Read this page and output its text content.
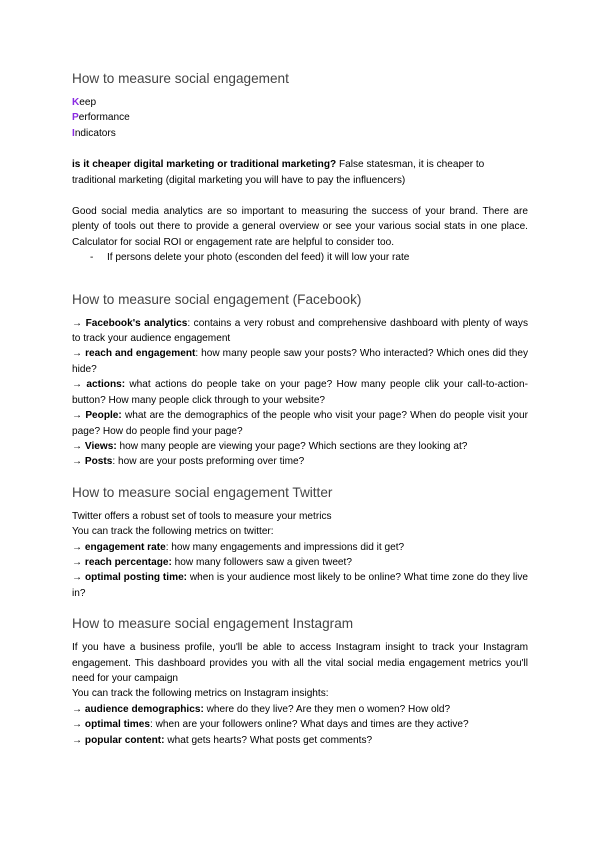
How to measure social engagement

Keep

Performance

Indicators

is it cheaper digital marketing or traditional marketing? False statesman, it is cheaper to traditional marketing (digital marketing you will have to pay the influencers)

Good social media analytics are so important to measuring the success of your brand. There are plenty of tools out there to provide a general overview or see your various social stats in one place. Calculator for social ROI or engagement rate are helpful to consider too.

-	If persons delete your photo (esconden del feed) it will low your rate
How to measure social engagement (Facebook)

→ Facebook's analytics: contains a very robust and comprehensive dashboard with plenty of ways to track your audience engagement

→ reach and engagement: how many people saw your posts? Who interacted? Which ones did they hide?

→ actions: what actions do people take on your page? How many people clik your call-to-action-button? How many people click through to your website?

→ People: what are the demographics of the people who visit your page? When do people visit your page? How do people find your page?

→ Views: how many people are viewing your page? Which sections are they looking at?

→ Posts: how are your posts preforming over time?

How to measure social engagement Twitter

Twitter offers a robust set of tools to measure your metrics

You can track the following metrics on twitter:

→ engagement rate: how many engagements and impressions did it get?

→ reach percentage: how many followers saw a given tweet?

→ optimal posting time: when is your audience most likely to be online? What time zone do they live in?

How to measure social engagement Instagram

If you have a business profile, you'll be able to access Instagram insight to track your Instagram engagement. This dashboard provides you with all the vital social media engagement metrics you'll need for your campaign

You can track the following metrics on Instagram insights:

→ audience demographics: where do they live? Are they men o women? How old?

→ optimal times: when are your followers online? What days and times are they active?

→ popular content: what gets hearts? What posts get comments?
